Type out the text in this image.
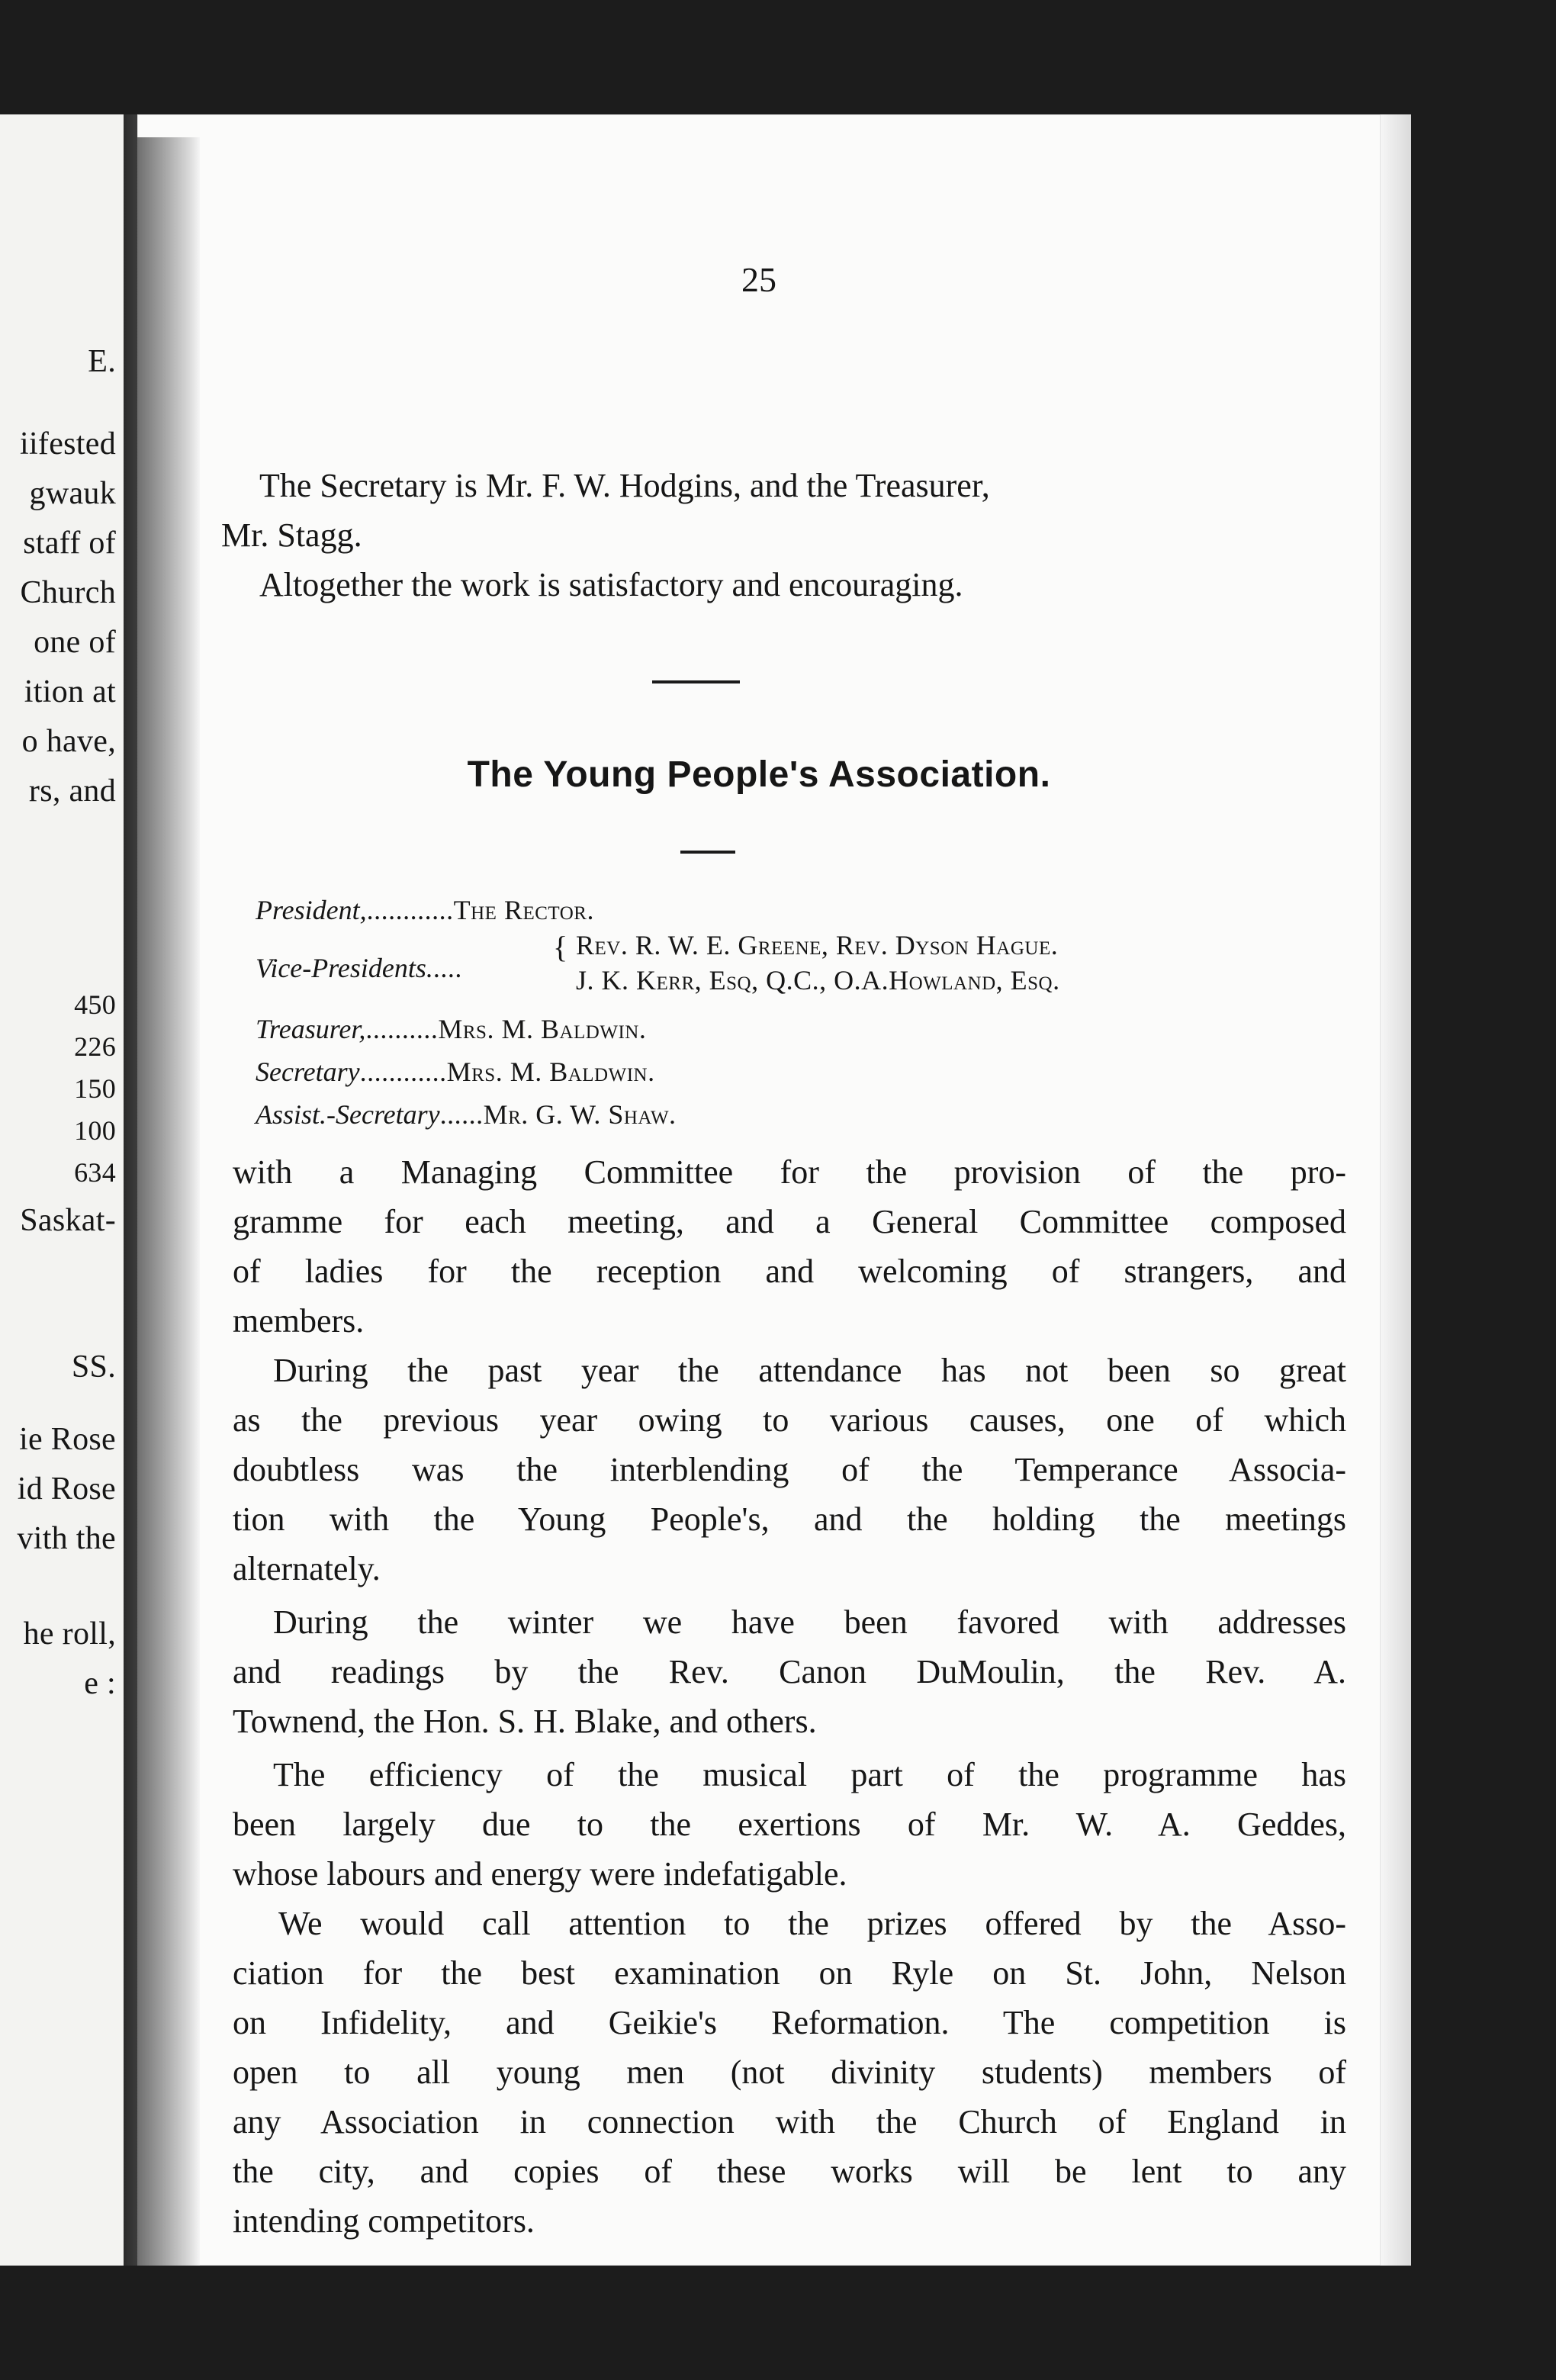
E.
iifested
gwauk
staff of
Church
one of
ition at
o have,
rs, and
450
226
150
100
634
Saskat-
SS.
ie Rose
id Rose
vith the
he roll,
e :
25
The Secretary is Mr. F. W. Hodgins, and the Treasurer,
Mr. Stagg.
Altogether the work is satisfactory and encouraging.
The Young People's Association.
President,............The Rector.
Vice-Presidents.....
{ Rev. R. W. E. Greene, Rev. Dyson Hague.
J. K. Kerr, Esq, Q.C., O.A.Howland, Esq.
Treasurer,..........Mrs. M. Baldwin.
Secretary............Mrs. M. Baldwin.
Assist.-Secretary......Mr. G. W. Shaw.
with a Managing Committee for the provision of the pro-
gramme for each meeting, and a General Committee composed
of ladies for the reception and welcoming of strangers, and
members.
During the past year the attendance has not been so great
as the previous year owing to various causes, one of which
doubtless was the interblending of the Temperance Associa-
tion with the Young People's, and the holding the meetings
alternately.
During the winter we have been favored with addresses
and readings by the Rev. Canon DuMoulin, the Rev. A.
Townend, the Hon. S. H. Blake, and others.
The efficiency of the musical part of the programme has
been largely due to the exertions of Mr. W. A. Geddes,
whose labours and energy were indefatigable.
We would call attention to the prizes offered by the Asso-
ciation for the best examination on Ryle on St. John, Nelson
on Infidelity, and Geikie's Reformation. The competition is
open to all young men (not divinity students) members of
any Association in connection with the Church of England in
the city, and copies of these works will be lent to any
intending competitors.
